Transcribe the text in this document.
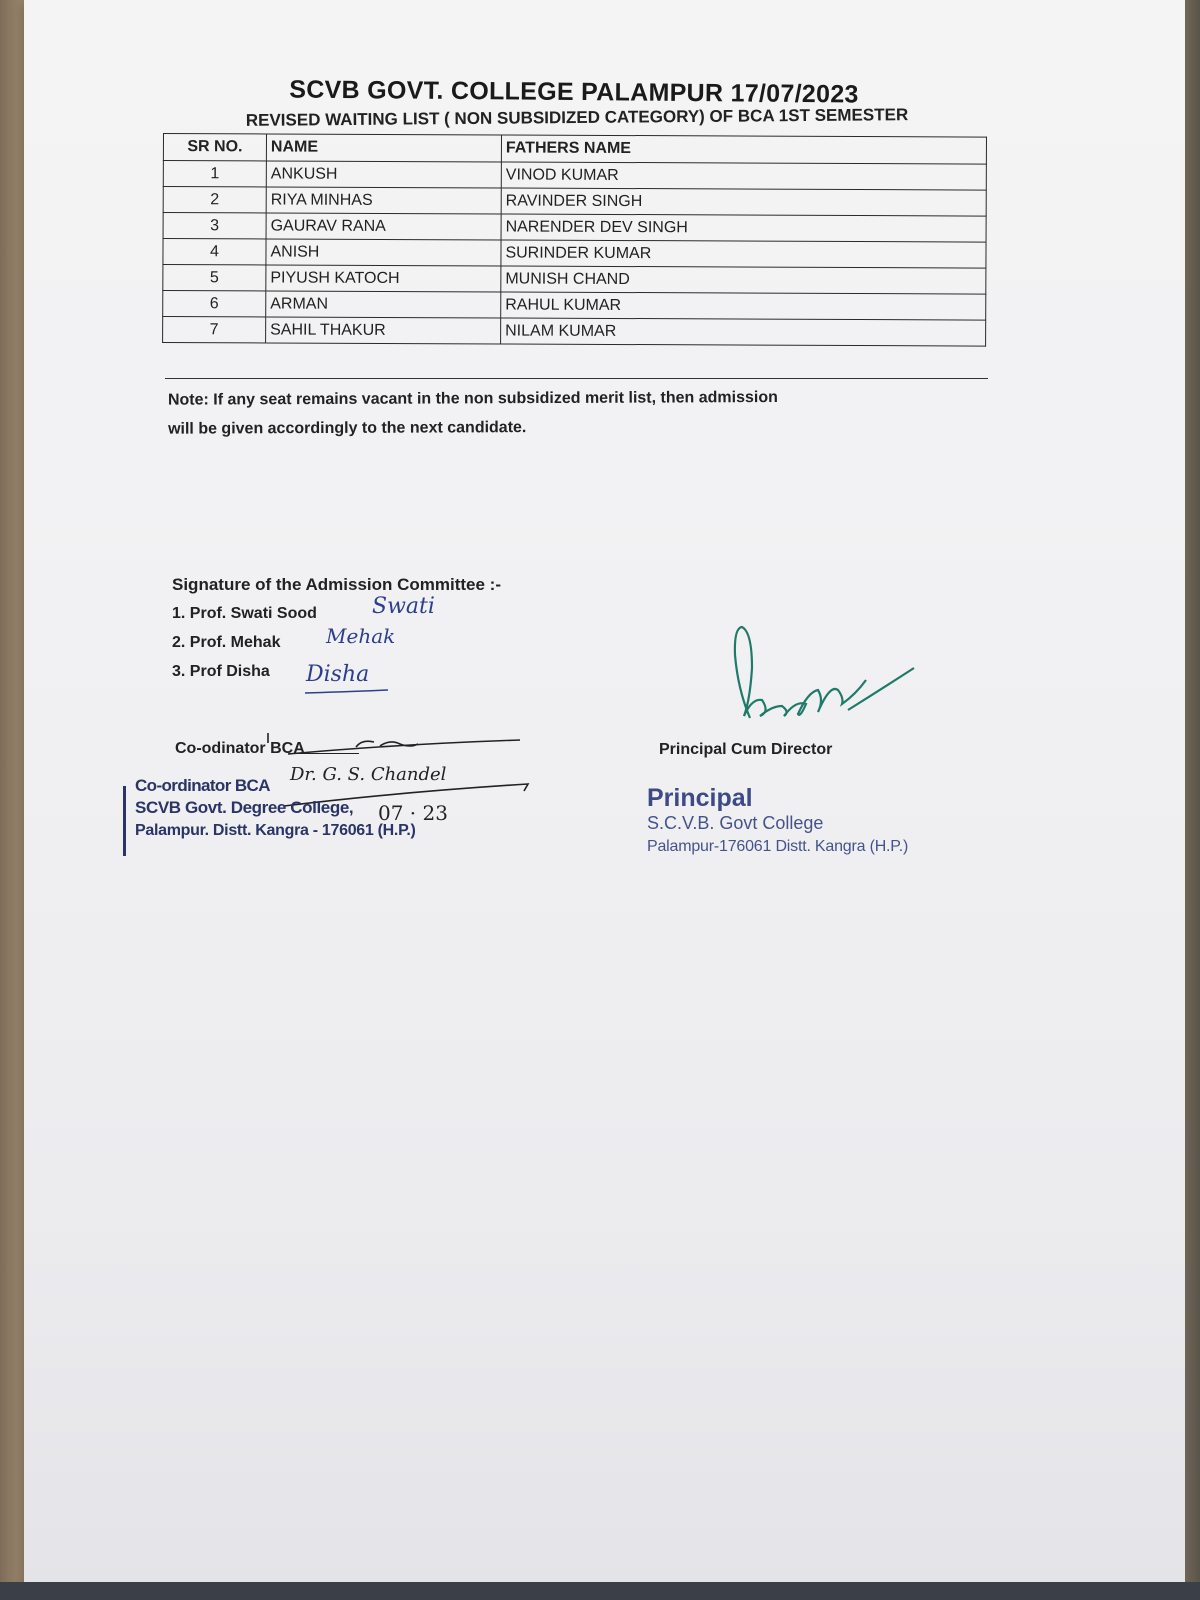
SCVB GOVT. COLLEGE PALAMPUR 17/07/2023
REVISED WAITING LIST ( NON SUBSIDIZED CATEGORY) OF BCA 1ST SEMESTER
SR NO.	NAME	FATHERS NAME
1	ANKUSH	VINOD KUMAR
2	RIYA MINHAS	RAVINDER SINGH
3	GAURAV RANA	NARENDER DEV SINGH
4	ANISH	SURINDER KUMAR
5	PIYUSH KATOCH	MUNISH CHAND
6	ARMAN	RAHUL KUMAR
7	SAHIL THAKUR	NILAM KUMAR
Note: If any seat remains vacant in the non subsidized merit list, then admission
will be given accordingly to the next candidate.
Signature of the Admission Committee :-
1. Prof. Swati Sood	Swati
2. Prof. Mehak Mehak
3. Prof Disha Disha
Co-odinator BCA
Dr. G. S. Chandel
Co-ordinator BCA
SCVB Govt. Degree College,
Palampur. Distt. Kangra - 176061 (H.P.)
07 · 23
Principal Cum Director
Principal
S.C.V.B. Govt College
Palampur-176061 Distt. Kangra (H.P.)
